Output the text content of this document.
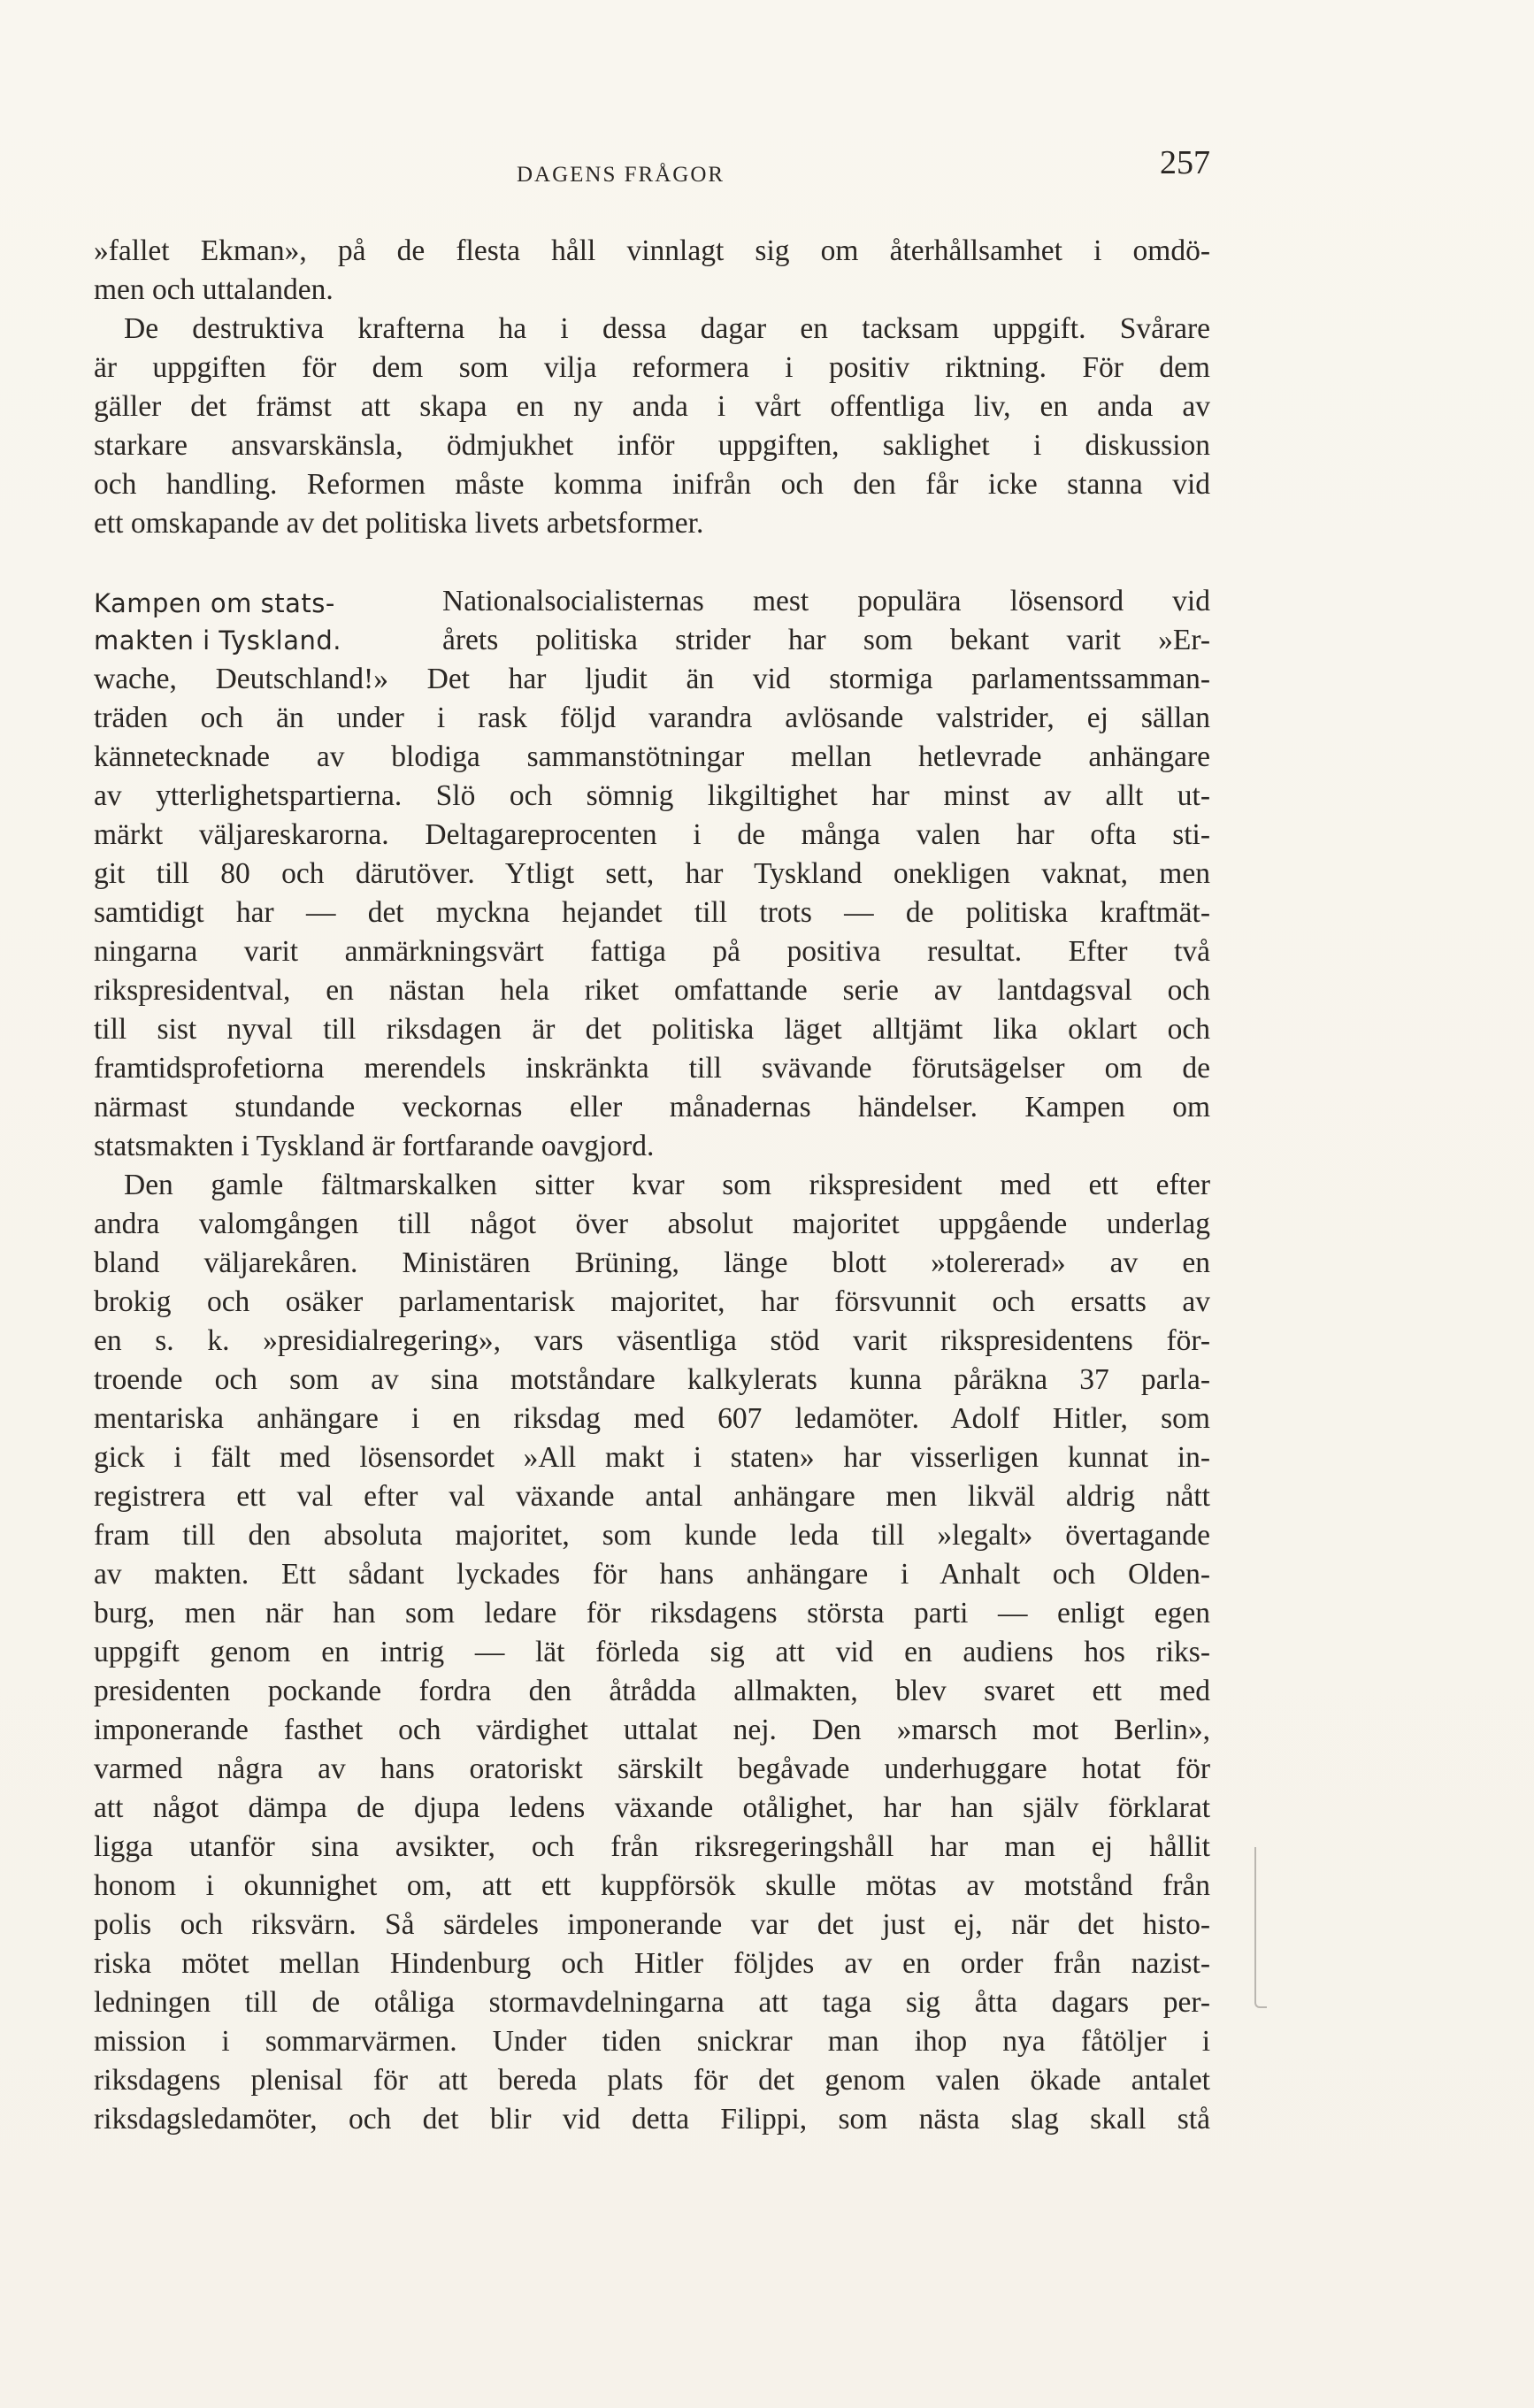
DAGENS FRÅGOR	257
»fallet Ekman», på de flesta håll vinnlagt sig om återhållsamhet i omdö-
men och uttalanden.
De destruktiva krafterna ha i dessa dagar en tacksam uppgift. Svårare
är uppgiften för dem som vilja reformera i positiv riktning. För dem
gäller det främst att skapa en ny anda i vårt offentliga liv, en anda av
starkare ansvarskänsla, ödmjukhet inför uppgiften, saklighet i diskussion
och handling. Reformen måste komma inifrån och den får icke stanna vid
ett omskapande av det politiska livets arbetsformer.
Kampen om stats-
makten i Tyskland.
Nationalsocialisternas mest populära lösensord vid
årets politiska strider har som bekant varit »Er-
wache, Deutschland!» Det har ljudit än vid stormiga parlamentssamman-
träden och än under i rask följd varandra avlösande valstrider, ej sällan
kännetecknade av blodiga sammanstötningar mellan hetlevrade anhängare
av ytterlighetspartierna. Slö och sömnig likgiltighet har minst av allt ut-
märkt väljareskarorna. Deltagareprocenten i de många valen har ofta sti-
git till 80 och därutöver. Ytligt sett, har Tyskland onekligen vaknat, men
samtidigt har — det myckna hejandet till trots — de politiska kraftmät-
ningarna varit anmärkningsvärt fattiga på positiva resultat. Efter två
rikspresidentval, en nästan hela riket omfattande serie av lantdagsval och
till sist nyval till riksdagen är det politiska läget alltjämt lika oklart och
framtidsprofetiorna merendels inskränkta till svävande förutsägelser om de
närmast stundande veckornas eller månadernas händelser. Kampen om
statsmakten i Tyskland är fortfarande oavgjord.
Den gamle fältmarskalken sitter kvar som rikspresident med ett efter
andra valomgången till något över absolut majoritet uppgående underlag
bland väljarekåren. Ministären Brüning, länge blott »tolererad» av en
brokig och osäker parlamentarisk majoritet, har försvunnit och ersatts av
en s. k. »presidialregering», vars väsentliga stöd varit rikspresidentens för-
troende och som av sina motståndare kalkylerats kunna påräkna 37 parla-
mentariska anhängare i en riksdag med 607 ledamöter. Adolf Hitler, som
gick i fält med lösensordet »All makt i staten» har visserligen kunnat in-
registrera ett val efter val växande antal anhängare men likväl aldrig nått
fram till den absoluta majoritet, som kunde leda till »legalt» övertagande
av makten. Ett sådant lyckades för hans anhängare i Anhalt och Olden-
burg, men när han som ledare för riksdagens största parti — enligt egen
uppgift genom en intrig — lät förleda sig att vid en audiens hos riks-
presidenten pockande fordra den åtrådda allmakten, blev svaret ett med
imponerande fasthet och värdighet uttalat nej. Den »marsch mot Berlin»,
varmed några av hans oratoriskt särskilt begåvade underhuggare hotat för
att något dämpa de djupa ledens växande otålighet, har han själv förklarat
ligga utanför sina avsikter, och från riksregeringshåll har man ej hållit
honom i okunnighet om, att ett kuppförsök skulle mötas av motstånd från
polis och riksvärn. Så särdeles imponerande var det just ej, när det histo-
riska mötet mellan Hindenburg och Hitler följdes av en order från nazist-
ledningen till de otåliga stormavdelningarna att taga sig åtta dagars per-
mission i sommarvärmen. Under tiden snickrar man ihop nya fåtöljer i
riksdagens plenisal för att bereda plats för det genom valen ökade antalet
riksdagsledamöter, och det blir vid detta Filippi, som nästa slag skall stå
